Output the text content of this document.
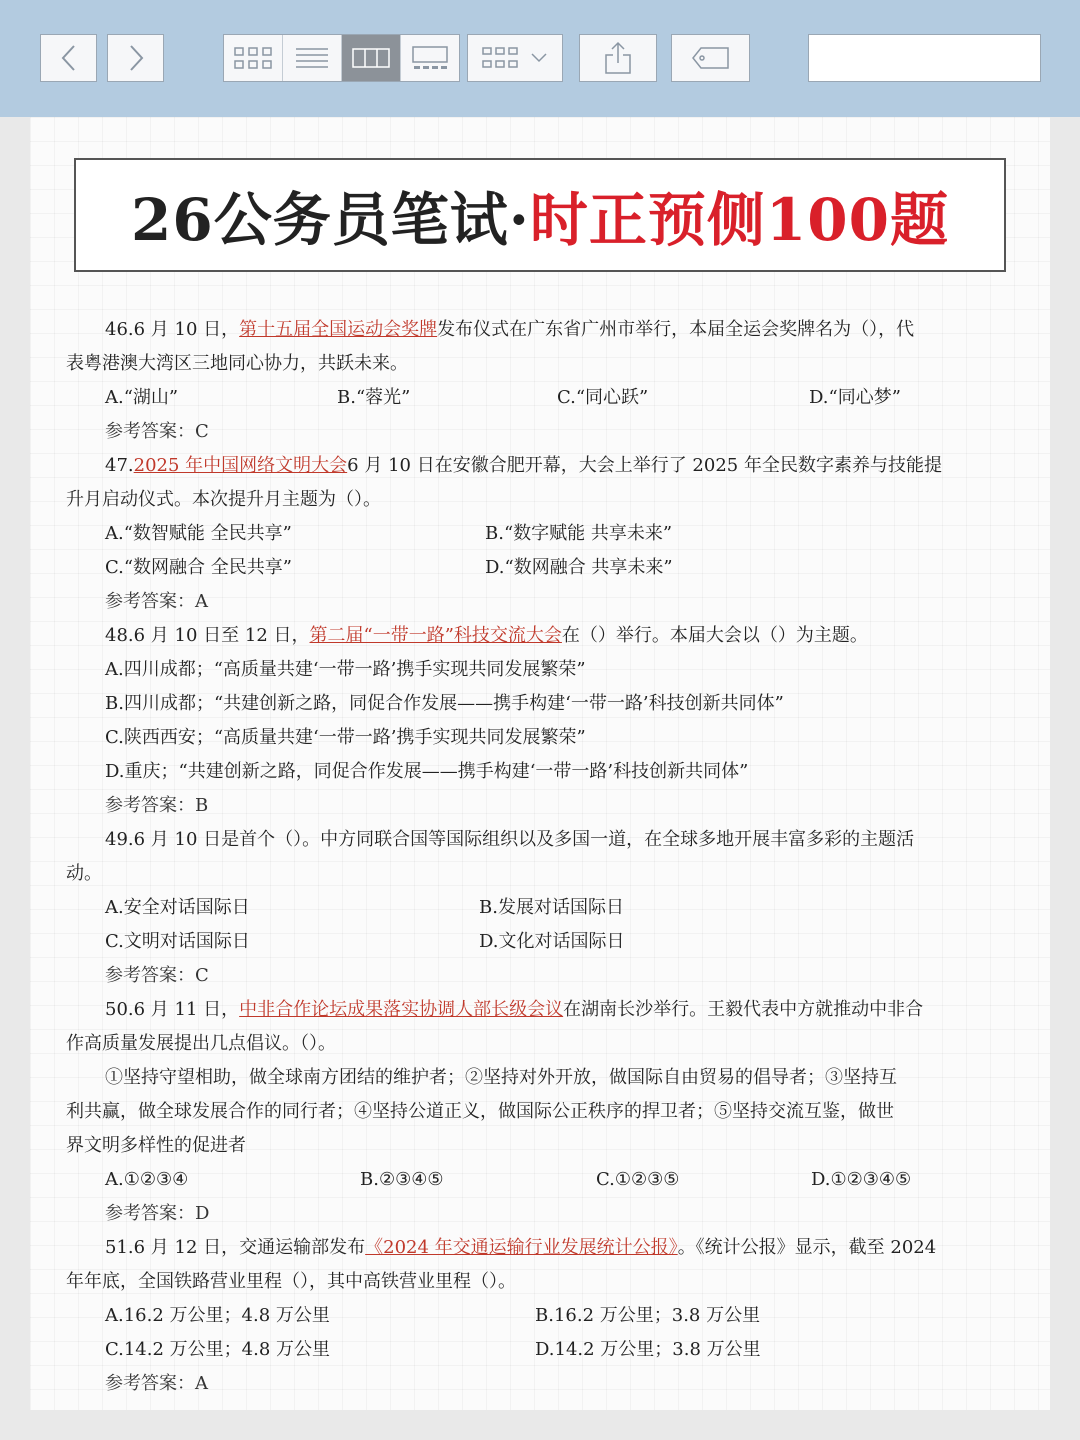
26公务员笔试·时正预侧100题
46.6 月 10 日，第十五届全国运动会奖牌发布仪式在广东省广州市举行，本届全运会奖牌名为（），代
表粤港澳大湾区三地同心协力，共跃未来。
A.“湖山”	B.“蓉光”	C.“同心跃”	D.“同心梦”
参考答案：C
47.2025 年中国网络文明大会6 月 10 日在安徽合肥开幕，大会上举行了 2025 年全民数字素养与技能提
升月启动仪式。本次提升月主题为（）。
A.“数智赋能 全民共享”	B.“数字赋能 共享未来”
C.“数网融合 全民共享”	D.“数网融合 共享未来”
参考答案：A
48.6 月 10 日至 12 日，第二届“一带一路”科技交流大会在（）举行。本届大会以（）为主题。
A.四川成都；“高质量共建‘一带一路’携手实现共同发展繁荣”
B.四川成都；“共建创新之路，同促合作发展——携手构建‘一带一路’科技创新共同体”
C.陕西西安；“高质量共建‘一带一路’携手实现共同发展繁荣”
D.重庆；“共建创新之路，同促合作发展——携手构建‘一带一路’科技创新共同体”
参考答案：B
49.6 月 10 日是首个（）。中方同联合国等国际组织以及多国一道，在全球多地开展丰富多彩的主题活
动。
A.安全对话国际日	B.发展对话国际日
C.文明对话国际日	D.文化对话国际日
参考答案：C
50.6 月 11 日，中非合作论坛成果落实协调人部长级会议在湖南长沙举行。王毅代表中方就推动中非合
作高质量发展提出几点倡议。（）。
①坚持守望相助，做全球南方团结的维护者；②坚持对外开放，做国际自由贸易的倡导者；③坚持互
利共赢，做全球发展合作的同行者；④坚持公道正义，做国际公正秩序的捍卫者；⑤坚持交流互鉴，做世
界文明多样性的促进者
A.①②③④	B.②③④⑤	C.①②③⑤	D.①②③④⑤
参考答案：D
51.6 月 12 日，交通运输部发布《2024 年交通运输行业发展统计公报》。《统计公报》显示，截至 2024
年年底，全国铁路营业里程（），其中高铁营业里程（）。
A.16.2 万公里；4.8 万公里	B.16.2 万公里；3.8 万公里
C.14.2 万公里；4.8 万公里	D.14.2 万公里；3.8 万公里
参考答案：A
